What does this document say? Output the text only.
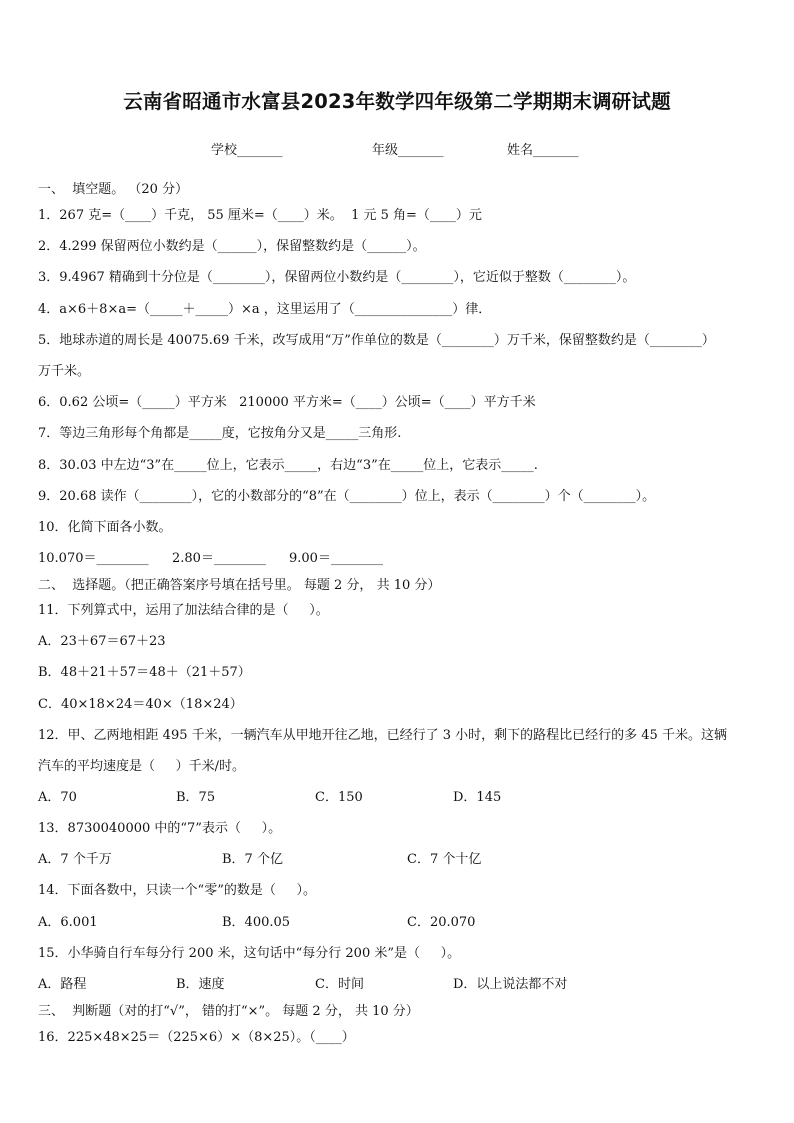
云南省昭通市水富县2023年数学四年级第二学期期末调研试题
学校_______	年级_______	姓名_______
一、  填空题。 （20 分）
1．267 克=（____）千克， 55 厘米=（____）米。  1 元 5 角=（____）元
2．4.299 保留两位小数约是（______），保留整数约是（______）。
3．9.4967 精确到十分位是（________），保留两位小数约是（________），它近似于整数（________）。
4．a×6＋8×a=（_____＋_____）×a ，这里运用了（_______________）律．
5．地球赤道的周长是 40075.69 千米，改写成用“万”作单位的数是（________）万千米，保留整数约是（________）
万千米。
6．0.62 公顷=（_____）平方米   210000 平方米=（____）公顷=（____）平方千米
7．等边三角形每个角都是_____度，它按角分又是_____三角形.
8．30.03 中左边“3”在_____位上，它表示_____，右边“3”在_____位上，它表示_____.
9．20.68 读作（________），它的小数部分的“8”在（________）位上，表示（________）个（________）。
10．化简下面各小数。
10.070＝________ 2.80＝________ 9.00＝________
二、  选择题。（把正确答案序号填在括号里。 每题 2 分， 共 10 分）
11．下列算式中，运用了加法结合律的是（     ）。
A．23＋67＝67＋23
B．48＋21＋57＝48＋（21＋57）
C．40×18×24＝40×（18×24）
12．甲、乙两地相距 495 千米，一辆汽车从甲地开往乙地，已经行了 3 小时，剩下的路程比已经行的多 45 千米。这辆
汽车的平均速度是（     ）千米/时。
A．70	B．75	C．150	D．145
13．8730040000 中的“7”表示（     ）。
A．7 个千万	B．7 个亿	C．7 个十亿
14．下面各数中，只读一个“零”的数是（     ）。
A．6.001	B．400.05	C．20.070
15．小华骑自行车每分行 200 米，这句话中“每分行 200 米”是（     ）。
A．路程	B．速度	C．时间	D．以上说法都不对
三、  判断题（对的打“√”， 错的打“×”。 每题 2 分， 共 10 分）
16．225×48×25＝（225×6）×（8×25）。（____）
